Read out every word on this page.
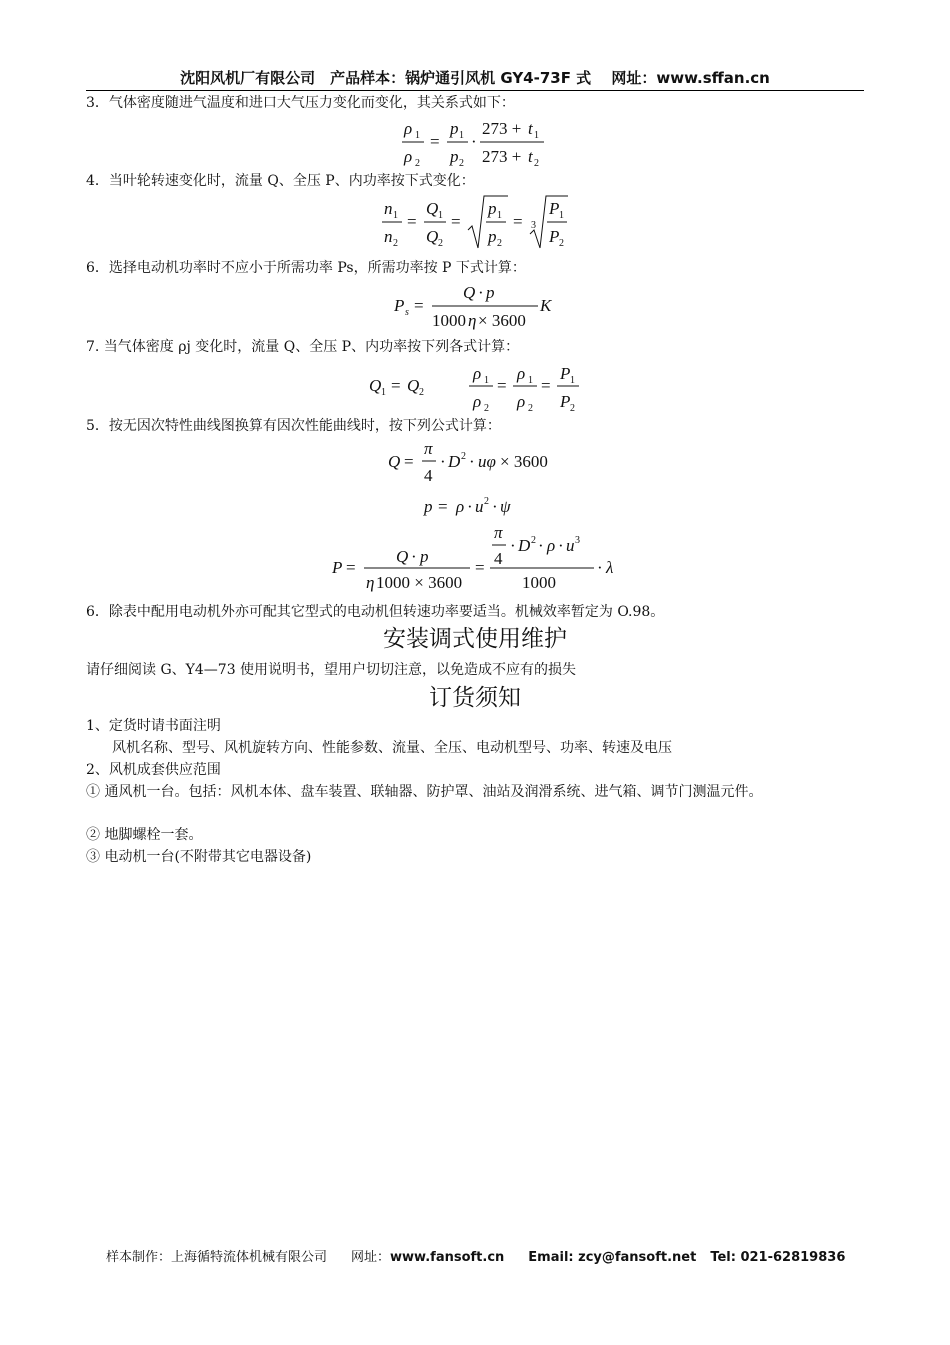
沈阳风机厂有限公司　产品样本：锅炉通引风机 GY4-73F 式　 网址：www.sffan.cn
3．气体密度随进气温度和进口大气压力变化而变化，其关系式如下：
ρ 1
ρ 2
=
p 1
p 2
·
273 + t 1
273 + t 2
4．当叶轮转速变化时，流量 Q、全压 P、内功率按下式变化：
n 1
n 2
=
Q 1
Q 2
=
p 1
p 2
= 3
P 1
P 2
6．选择电动机功率时不应小于所需功率 Ps，所需功率按 P 下式计算：
P s =
Q · p
1000 η × 3600
K
7. 当气体密度 ρj 变化时，流量 Q、全压 P、内功率按下列各式计算：
Q 1 = Q 2
ρ 1
ρ 2
=
ρ 1
ρ 2
=
P 1
P 2
5．按无因次特性曲线图换算有因次性能曲线时，按下列公式计算：
Q =
π
4
· D 2 · uφ × 3600
p = ρ · u 2 · ψ
P =
Q · p
η 1000 × 3600
=
π
4
· D 2 · ρ · u 3
1000
· λ
6．除表中配用电动机外亦可配其它型式的电动机但转速功率要适当。机械效率暂定为 O.98。
安装调式使用维护
请仔细阅读 G、Y4—73 使用说明书，望用户切切注意，以免造成不应有的损失
订货须知
1、定货时请书面注明
风机名称、型号、风机旋转方向、性能参数、流量、全压、电动机型号、功率、转速及电压
2、风机成套供应范围
① 通风机一台。包括：风机本体、盘车装置、联轴器、防护罩、油站及润滑系统、进气箱、调节门测温元件。
② 地脚螺栓一套。
③ 电动机一台(不附带其它电器设备)
样本制作：上海循特流体机械有限公司 网址：www.fansoft.cn Email: zcy@fansoft.net Tel: 021-62819836
